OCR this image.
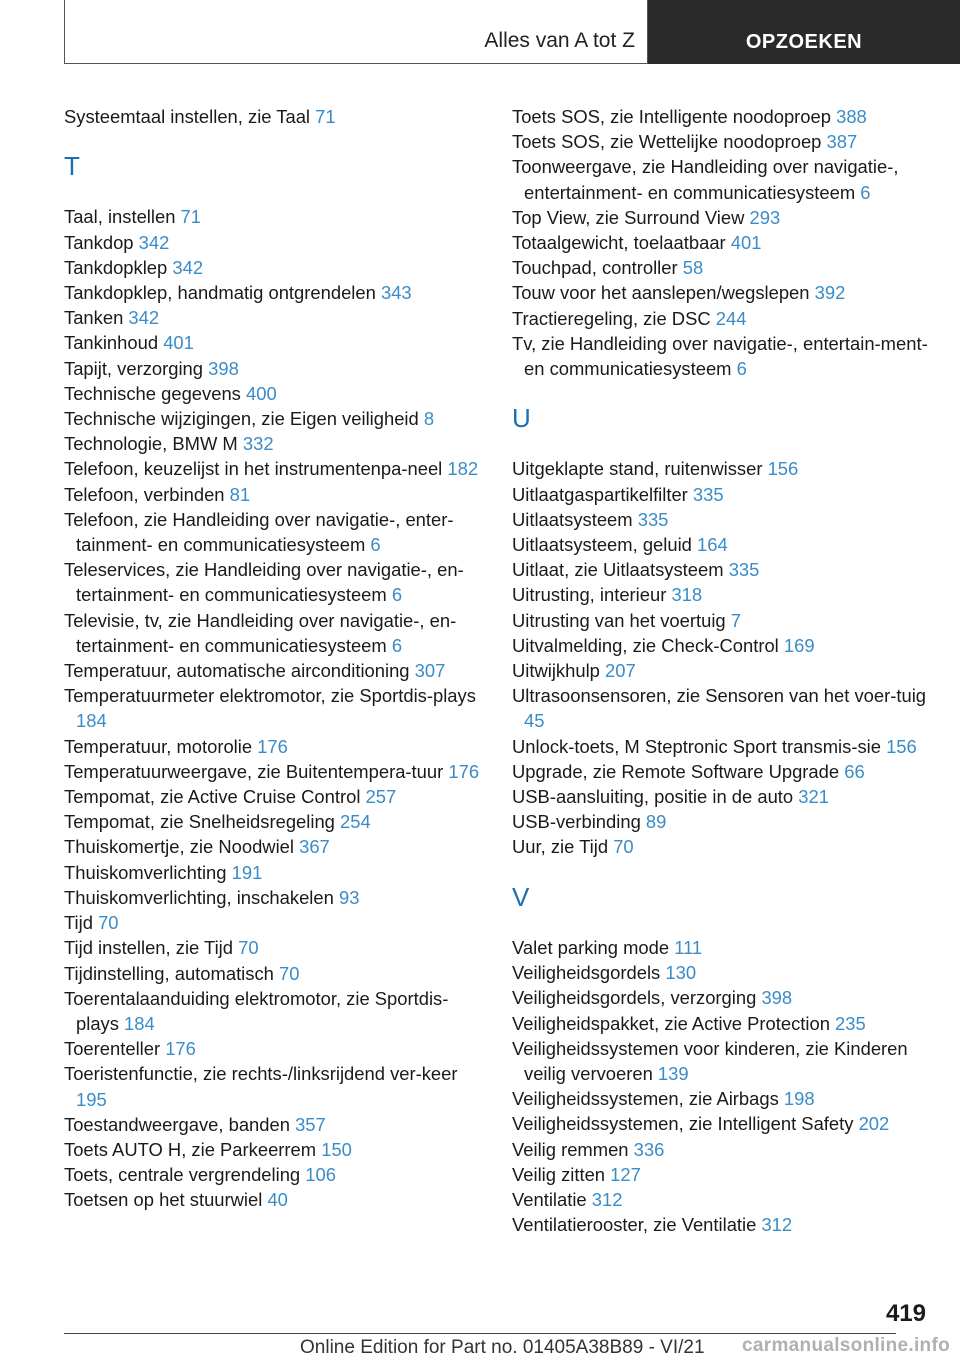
Alles van A tot Z	OPZOEKEN
Systeemtaal instellen, zie Taal 71
T
Taal, instellen 71
Tankdop 342
Tankdopklep 342
Tankdopklep, handmatig ontgrendelen 343
Tanken 342
Tankinhoud 401
Tapijt, verzorging 398
Technische gegevens 400
Technische wijzigingen, zie Eigen veiligheid 8
Technologie, BMW M 332
Telefoon, keuzelijst in het instrumentenpa-neel 182
Telefoon, verbinden 81
Telefoon, zie Handleiding over navigatie-, enter-tainment- en communicatiesysteem 6
Teleservices, zie Handleiding over navigatie-, en-tertainment- en communicatiesysteem 6
Televisie, tv, zie Handleiding over navigatie-, en-tertainment- en communicatiesysteem 6
Temperatuur, automatische airconditioning 307
Temperatuurmeter elektromotor, zie Sportdis-plays 184
Temperatuur, motorolie 176
Temperatuurweergave, zie Buitentempera-tuur 176
Tempomat, zie Active Cruise Control 257
Tempomat, zie Snelheidsregeling 254
Thuiskomertje, zie Noodwiel 367
Thuiskomverlichting 191
Thuiskomverlichting, inschakelen 93
Tijd 70
Tijd instellen, zie Tijd 70
Tijdinstelling, automatisch 70
Toerentalaanduiding elektromotor, zie Sportdis-plays 184
Toerenteller 176
Toeristenfunctie, zie rechts-/linksrijdend ver-keer 195
Toestandweergave, banden 357
Toets AUTO H, zie Parkeerrem 150
Toets, centrale vergrendeling 106
Toetsen op het stuurwiel 40
Toets SOS, zie Intelligente noodoproep 388
Toets SOS, zie Wettelijke noodoproep 387
Toonweergave, zie Handleiding over navigatie-, entertainment- en communicatiesysteem 6
Top View, zie Surround View 293
Totaalgewicht, toelaatbaar 401
Touchpad, controller 58
Touw voor het aanslepen/wegslepen 392
Tractieregeling, zie DSC 244
Tv, zie Handleiding over navigatie-, entertain-ment- en communicatiesysteem 6
U
Uitgeklapte stand, ruitenwisser 156
Uitlaatgaspartikelfilter 335
Uitlaatsysteem 335
Uitlaatsysteem, geluid 164
Uitlaat, zie Uitlaatsysteem 335
Uitrusting, interieur 318
Uitrusting van het voertuig 7
Uitvalmelding, zie Check-Control 169
Uitwijkhulp 207
Ultrasoonsensoren, zie Sensoren van het voer-tuig 45
Unlock-toets, M Steptronic Sport transmis-sie 156
Upgrade, zie Remote Software Upgrade 66
USB-aansluiting, positie in de auto 321
USB-verbinding 89
Uur, zie Tijd 70
V
Valet parking mode 111
Veiligheidsgordels 130
Veiligheidsgordels, verzorging 398
Veiligheidspakket, zie Active Protection 235
Veiligheidssystemen voor kinderen, zie Kinderen veilig vervoeren 139
Veiligheidssystemen, zie Airbags 198
Veiligheidssystemen, zie Intelligent Safety 202
Veilig remmen 336
Veilig zitten 127
Ventilatie 312
Ventilatierooster, zie Ventilatie 312
419
Online Edition for Part no. 01405A38B89 - VI/21 carmanualsonline.info
